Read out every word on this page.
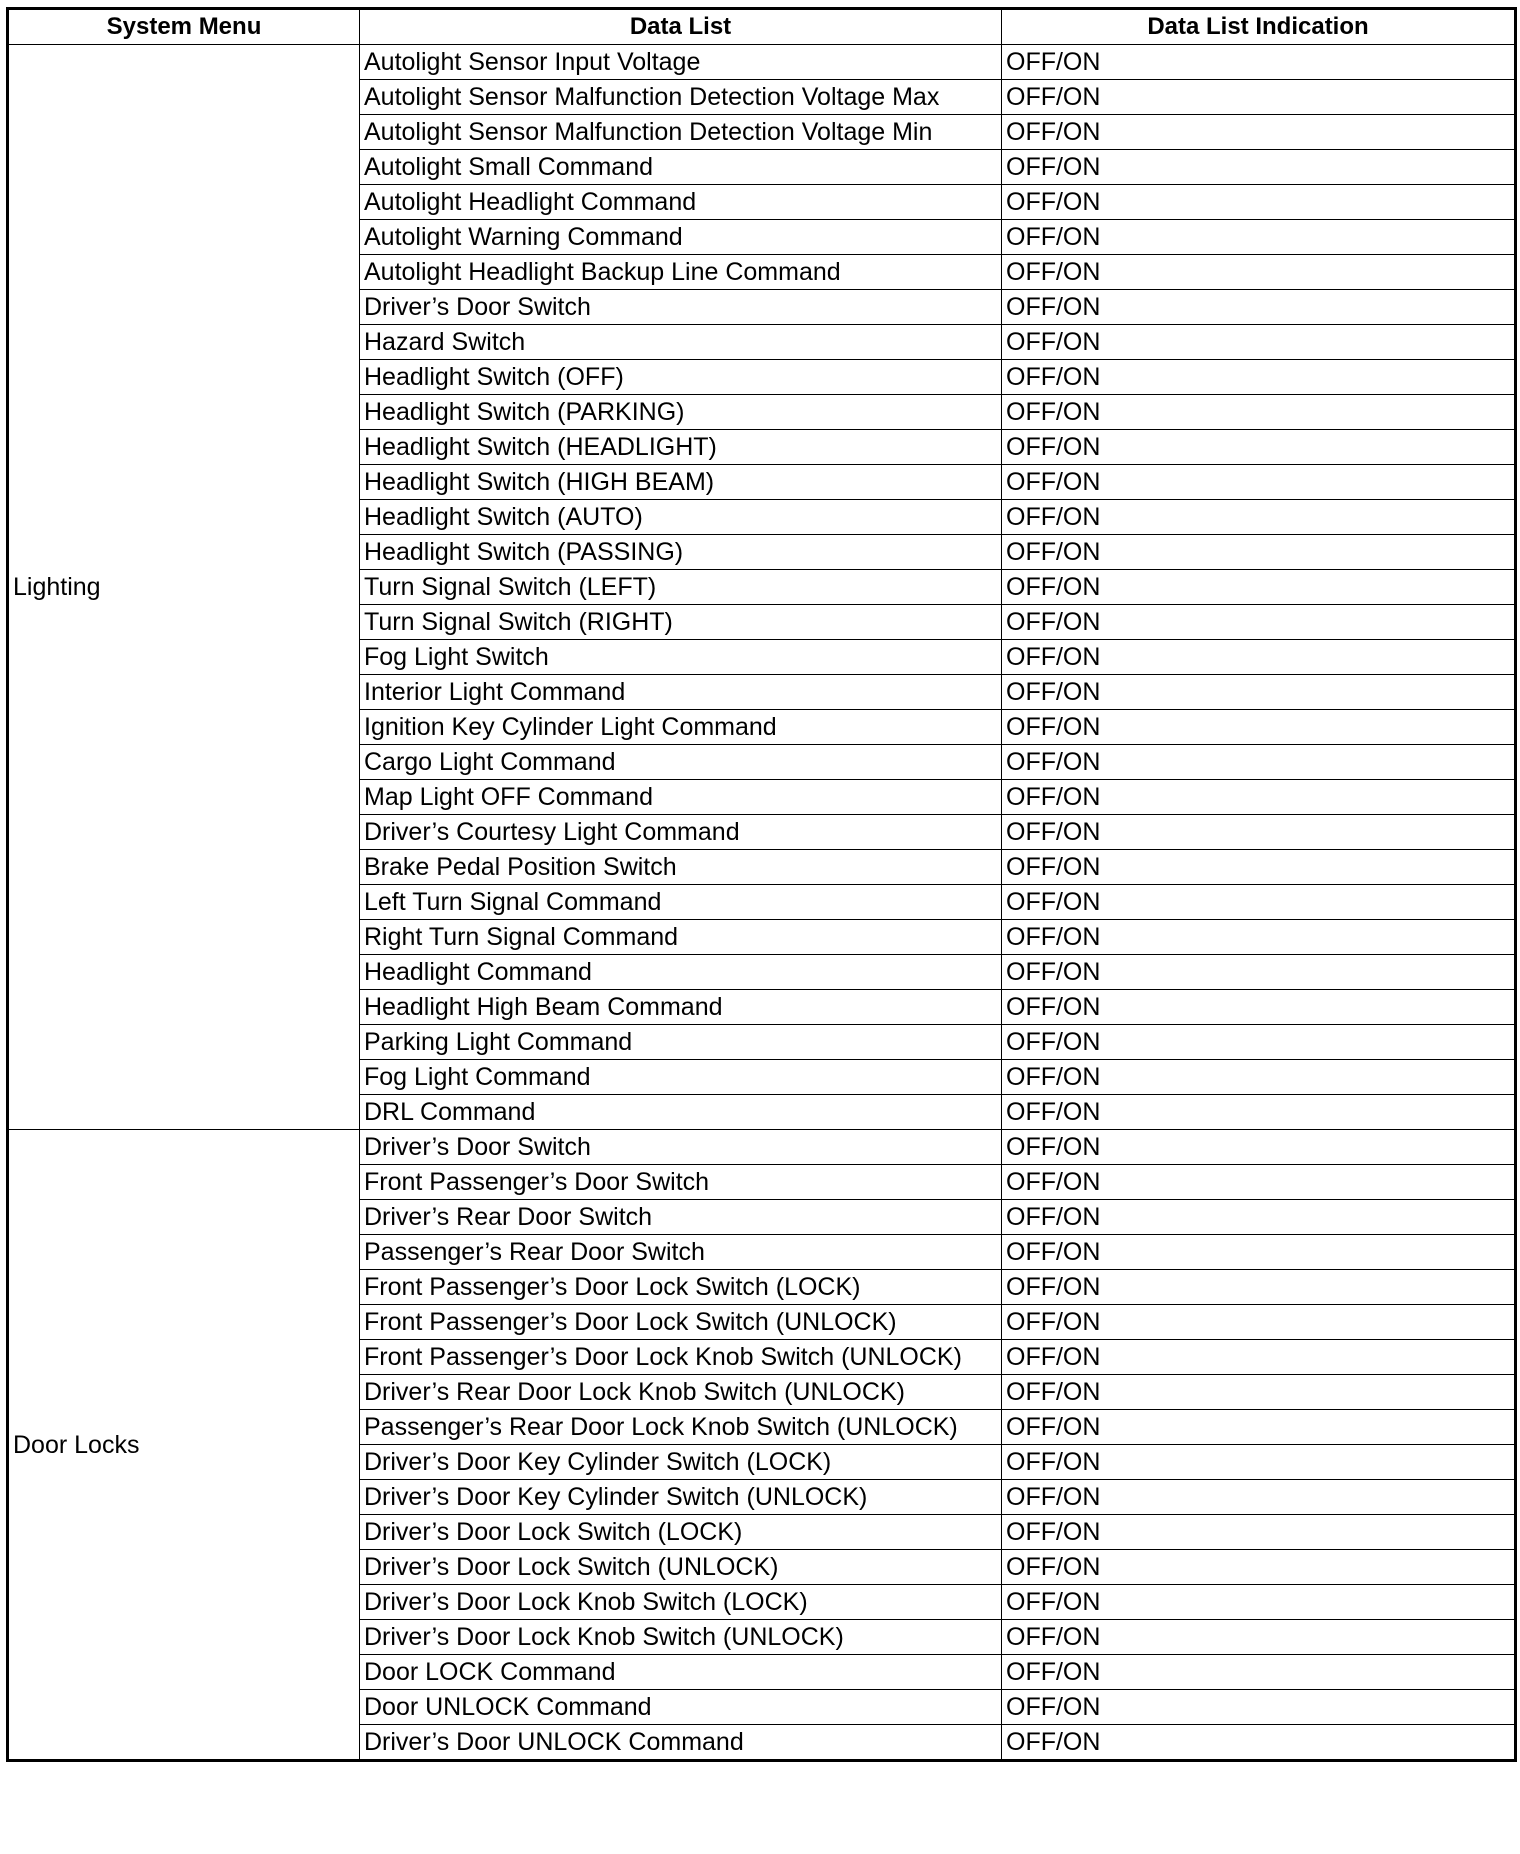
System Menu	Data List	Data List Indication
Lighting	Autolight Sensor Input Voltage	OFF/ON
	Autolight Sensor Malfunction Detection Voltage Max	OFF/ON
	Autolight Sensor Malfunction Detection Voltage Min	OFF/ON
	Autolight Small Command	OFF/ON
	Autolight Headlight Command	OFF/ON
	Autolight Warning Command	OFF/ON
	Autolight Headlight Backup Line Command	OFF/ON
	Driver’s Door Switch	OFF/ON
	Hazard Switch	OFF/ON
	Headlight Switch (OFF)	OFF/ON
	Headlight Switch (PARKING)	OFF/ON
	Headlight Switch (HEADLIGHT)	OFF/ON
	Headlight Switch (HIGH BEAM)	OFF/ON
	Headlight Switch (AUTO)	OFF/ON
	Headlight Switch (PASSING)	OFF/ON
	Turn Signal Switch (LEFT)	OFF/ON
	Turn Signal Switch (RIGHT)	OFF/ON
	Fog Light Switch	OFF/ON
	Interior Light Command	OFF/ON
	Ignition Key Cylinder Light Command	OFF/ON
	Cargo Light Command	OFF/ON
	Map Light OFF Command	OFF/ON
	Driver’s Courtesy Light Command	OFF/ON
	Brake Pedal Position Switch	OFF/ON
	Left Turn Signal Command	OFF/ON
	Right Turn Signal Command	OFF/ON
	Headlight Command	OFF/ON
	Headlight High Beam Command	OFF/ON
	Parking Light Command	OFF/ON
	Fog Light Command	OFF/ON
	DRL Command	OFF/ON
Door Locks	Driver’s Door Switch	OFF/ON
	Front Passenger’s Door Switch	OFF/ON
	Driver’s Rear Door Switch	OFF/ON
	Passenger’s Rear Door Switch	OFF/ON
	Front Passenger’s Door Lock Switch (LOCK)	OFF/ON
	Front Passenger’s Door Lock Switch (UNLOCK)	OFF/ON
	Front Passenger’s Door Lock Knob Switch (UNLOCK)	OFF/ON
	Driver’s Rear Door Lock Knob Switch (UNLOCK)	OFF/ON
	Passenger’s Rear Door Lock Knob Switch (UNLOCK)	OFF/ON
	Driver’s Door Key Cylinder Switch (LOCK)	OFF/ON
	Driver’s Door Key Cylinder Switch (UNLOCK)	OFF/ON
	Driver’s Door Lock Switch (LOCK)	OFF/ON
	Driver’s Door Lock Switch (UNLOCK)	OFF/ON
	Driver’s Door Lock Knob Switch (LOCK)	OFF/ON
	Driver’s Door Lock Knob Switch (UNLOCK)	OFF/ON
	Door LOCK Command	OFF/ON
	Door UNLOCK Command	OFF/ON
	Driver’s Door UNLOCK Command	OFF/ON
